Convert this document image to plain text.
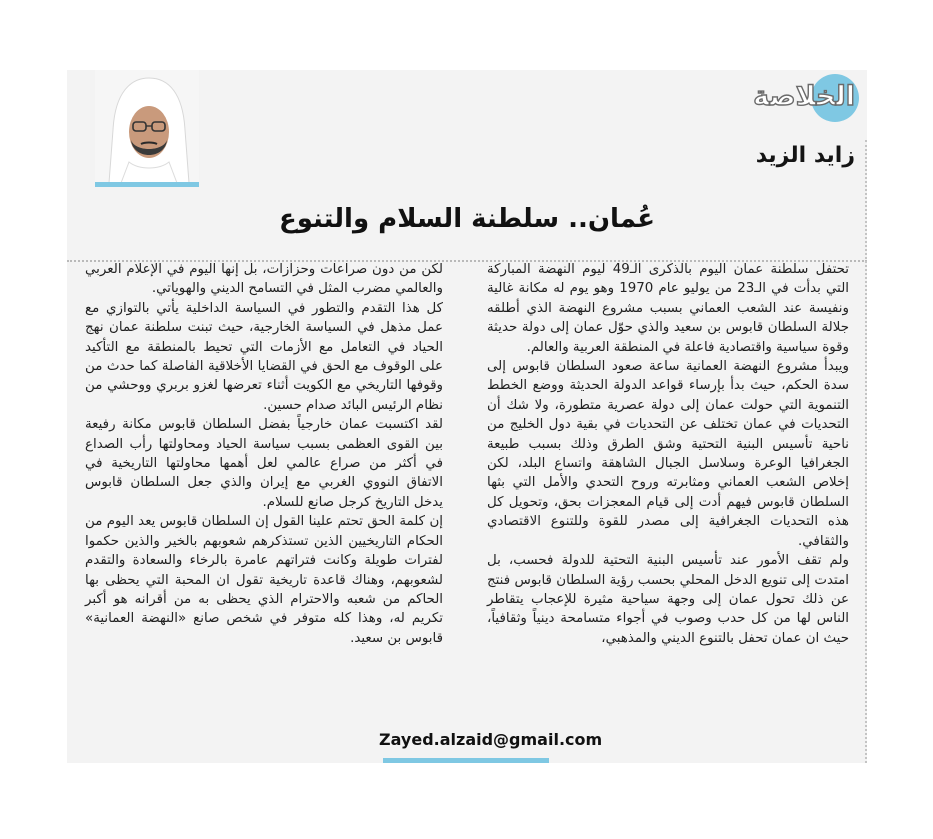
الخلاصة
زايد الزيد
عُمان.. سلطنة السلام والتنوع

تحتفل سلطنة عمان اليوم بالذكرى الـ49 ليوم النهضة المباركة التي بدأت في الـ23 من يوليو عام 1970 وهو يوم له مكانة غالية ونفيسة عند الشعب العماني بسبب مشروع النهضة الذي أطلقه جلالة السلطان قابوس بن سعيد والذي حوّل عمان إلى دولة حديثة وقوة سياسية واقتصادية فاعلة في المنطقة العربية والعالم.

ويبدأ مشروع النهضة العمانية ساعة صعود السلطان قابوس إلى سدة الحكم، حيث بدأ بإرساء قواعد الدولة الحديثة ووضع الخطط التنموية التي حولت عمان إلى دولة عصرية متطورة، ولا شك أن التحديات في عمان تختلف عن التحديات في بقية دول الخليج من ناحية تأسيس البنية التحتية وشق الطرق وذلك بسبب طبيعة الجغرافيا الوعرة وسلاسل الجبال الشاهقة واتساع البلد، لكن إخلاص الشعب العماني ومثابرته وروح التحدي والأمل التي بثها السلطان قابوس فيهم أدت إلى قيام المعجزات بحق، وتحويل كل هذه التحديات الجغرافية إلى مصدر للقوة وللتنوع الاقتصادي والثقافي.

ولم تقف الأمور عند تأسيس البنية التحتية للدولة فحسب، بل امتدت إلى تنويع الدخل المحلي بحسب رؤية السلطان قابوس فنتج عن ذلك تحول عمان إلى وجهة سياحية مثيرة للإعجاب يتقاطر الناس لها من كل حدب وصوب في أجواء متسامحة دينياً وثقافياً، حيث ان عمان تحفل بالتنوع الديني والمذهبي،

لكن من دون صراعات وحزازات، بل إنها اليوم في الإعلام العربي والعالمي مضرب المثل في التسامح الديني والهوياتي.

كل هذا التقدم والتطور في السياسة الداخلية يأتي بالتوازي مع عمل مذهل في السياسة الخارجية، حيث تبنت سلطنة عمان نهج الحياد في التعامل مع الأزمات التي تحيط بالمنطقة مع التأكيد على الوقوف مع الحق في القضايا الأخلاقية الفاصلة كما حدث من وقوفها التاريخي مع الكويت أثناء تعرضها لغزو بربري ووحشي من نظام الرئيس البائد صدام حسين.

لقد اكتسبت عمان خارجياً بفضل السلطان قابوس مكانة رفيعة بين القوى العظمى بسبب سياسة الحياد ومحاولتها رأب الصداع في أكثر من صراع عالمي لعل أهمها محاولتها التاريخية في الاتفاق النووي الغربي مع إيران والذي جعل السلطان قابوس يدخل التاريخ كرجل صانع للسلام.

إن كلمة الحق تحتم علينا القول إن السلطان قابوس يعد اليوم من الحكام التاريخيين الذين تستذكرهم شعوبهم بالخير والذين حكموا لفترات طويلة وكانت فتراتهم عامرة بالرخاء والسعادة والتقدم لشعوبهم، وهناك قاعدة تاريخية تقول ان المحبة التي يحظى بها الحاكم من شعبه والاحترام الذي يحظى به من أقرانه هو أكبر تكريم له، وهذا كله متوفر في شخص صانع «النهضة العمانية» قابوس بن سعيد.

Zayed.alzaid@gmail.com
